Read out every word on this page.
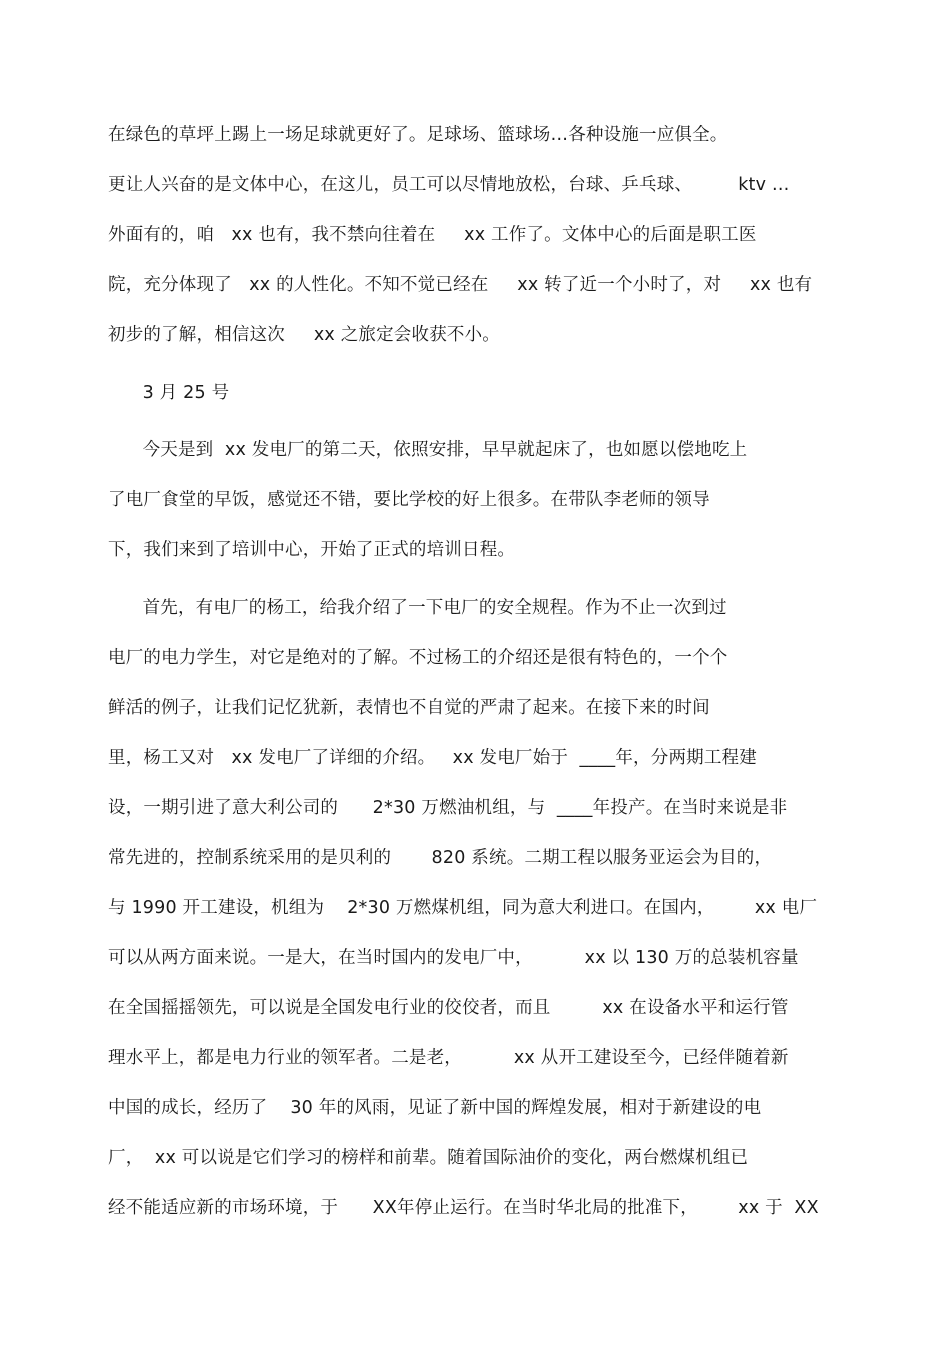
在绿色的草坪上踢上一场足球就更好了。足球场、篮球场…各种设施一应俱全。
更让人兴奋的是文体中心，在这儿，员工可以尽情地放松，台球、乒乓球、        ktv …
外面有的，咱   xx 也有，我不禁向往着在     xx 工作了。文体中心的后面是职工医
院，充分体现了   xx 的人性化。不知不觉已经在     xx 转了近一个小时了，对     xx 也有
初步的了解，相信这次     xx 之旅定会收获不小。
3 月 25 号
今天是到  xx 发电厂的第二天，依照安排，早早就起床了，也如愿以偿地吃上
了电厂食堂的早饭，感觉还不错，要比学校的好上很多。在带队李老师的领导
下，我们来到了培训中心，开始了正式的培训日程。
首先，有电厂的杨工，给我介绍了一下电厂的安全规程。作为不止一次到过
电厂的电力学生，对它是绝对的了解。不过杨工的介绍还是很有特色的，一个个
鲜活的例子，让我们记忆犹新，表情也不自觉的严肃了起来。在接下来的时间
里，杨工又对   xx 发电厂了详细的介绍。   xx 发电厂始于  ____年，分两期工程建
设，一期引进了意大利公司的      2*30 万燃油机组，与  ____年投产。在当时来说是非
常先进的，控制系统采用的是贝利的       820 系统。二期工程以服务亚运会为目的，
与 1990 开工建设，机组为    2*30 万燃煤机组，同为意大利进口。在国内，       xx 电厂
可以从两方面来说。一是大，在当时国内的发电厂中，         xx 以 130 万的总装机容量
在全国摇摇领先，可以说是全国发电行业的佼佼者，而且         xx 在设备水平和运行管
理水平上，都是电力行业的领军者。二是老，         xx 从开工建设至今，已经伴随着新
中国的成长，经历了    30 年的风雨，见证了新中国的辉煌发展，相对于新建设的电
厂，  xx 可以说是它们学习的榜样和前辈。随着国际油价的变化，两台燃煤机组已
经不能适应新的市场环境，于      XX年停止运行。在当时华北局的批准下，       xx 于  XX
